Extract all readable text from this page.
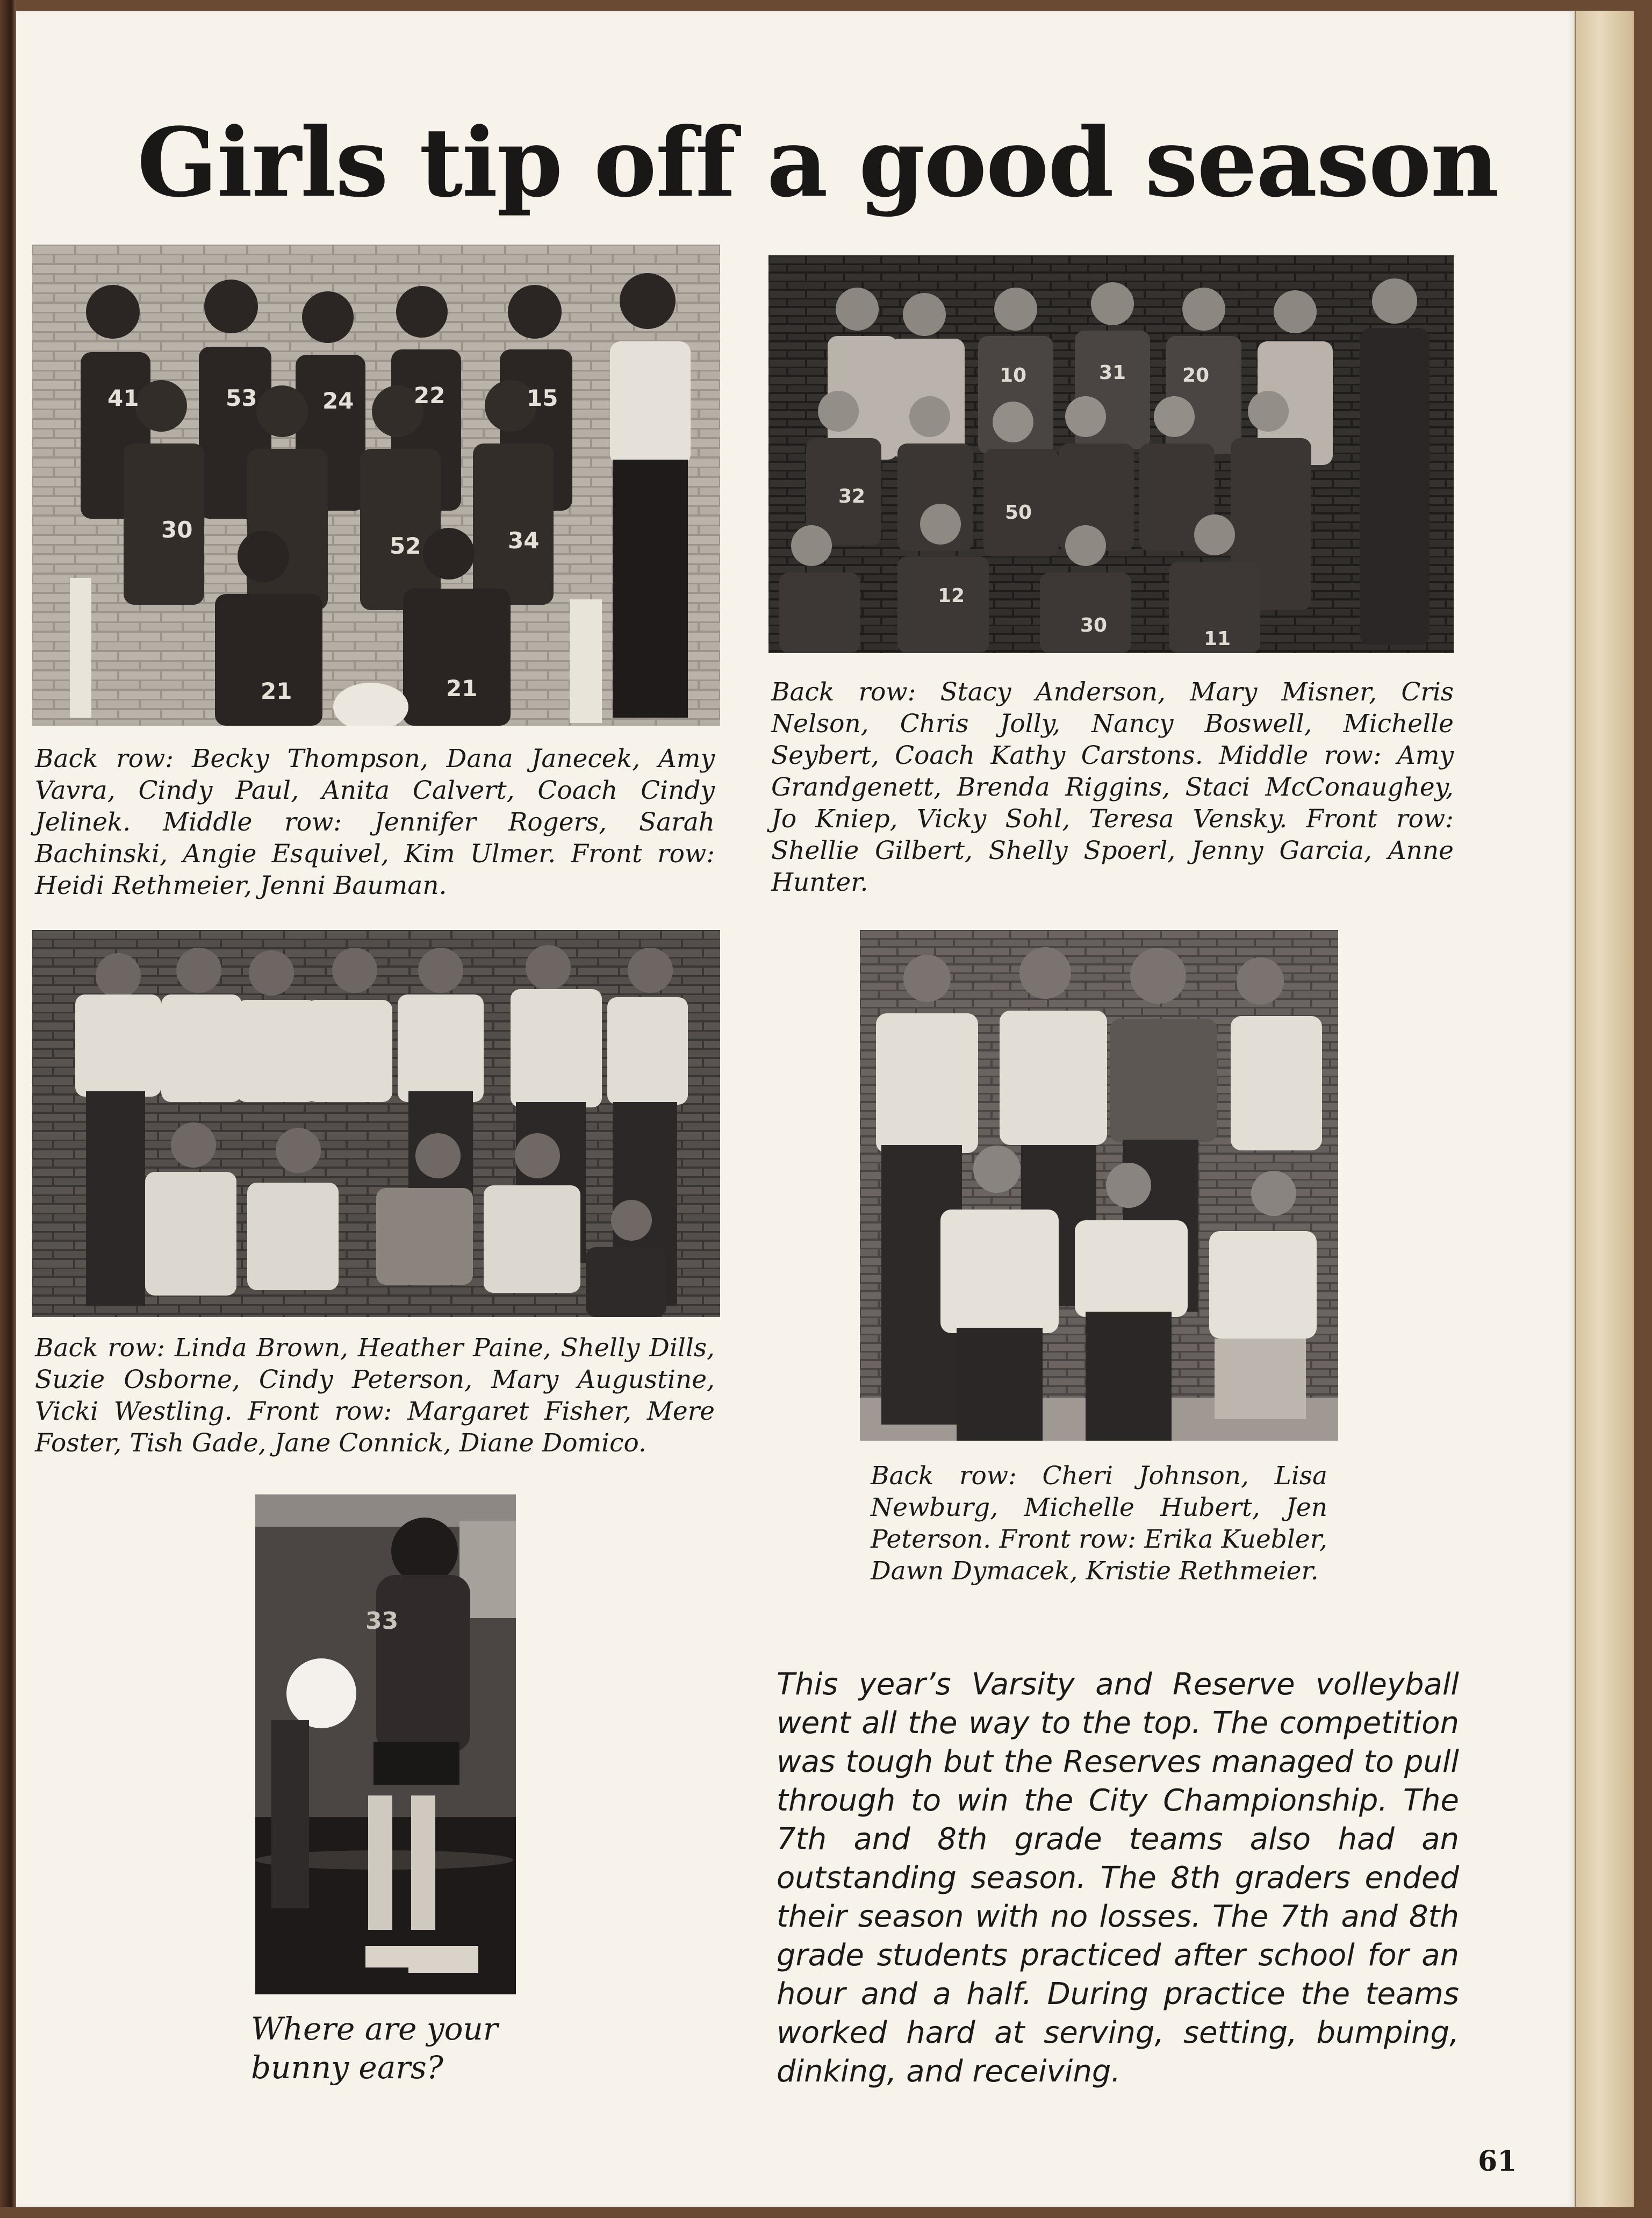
Girls tip off a good season
41	53	24	22	15
30
52	34
21	21
Back row: Becky Thompson, Dana Janecek, Amy Vavra, Cindy Paul, Anita Calvert, Coach Cindy Jelinek. Middle row: Jennifer Rogers, Sarah Bachinski, Angie Esquivel, Kim Ulmer. Front row: Heidi Rethmeier, Jenni Bauman.
10	31	20
32
50
12
30
11
Back row: Stacy Anderson, Mary Misner, Cris Nelson, Chris Jolly, Nancy Boswell, Michelle Seybert, Coach Kathy Carstons. Middle row: Amy Grandgenett, Brenda Riggins, Staci McConaughey, Jo Kniep, Vicky Sohl, Teresa Vensky. Front row: Shellie Gilbert, Shelly Spoerl, Jenny Garcia, Anne Hunter.
Back row: Linda Brown, Heather Paine, Shelly Dills, Suzie Osborne, Cindy Peterson, Mary Augustine, Vicki Westling. Front row: Margaret Fisher, Mere Foster, Tish Gade, Jane Connick, Diane Domico.
Back row: Cheri Johnson, Lisa Newburg, Michelle Hubert, Jen Peterson. Front row: Erika Kuebler, Dawn Dymacek, Kristie Rethmeier.
33
Where are your bunny ears?
This year’s Varsity and Reserve volleyball went all the way to the top. The competition was tough but the Reserves managed to pull through to win the City Championship. The 7th and 8th grade teams also had an outstanding season. The 8th graders ended their season with no losses. The 7th and 8th grade students practiced after school for an hour and a half. During practice the teams worked hard at serving, setting, bumping, dinking, and receiving.
61
